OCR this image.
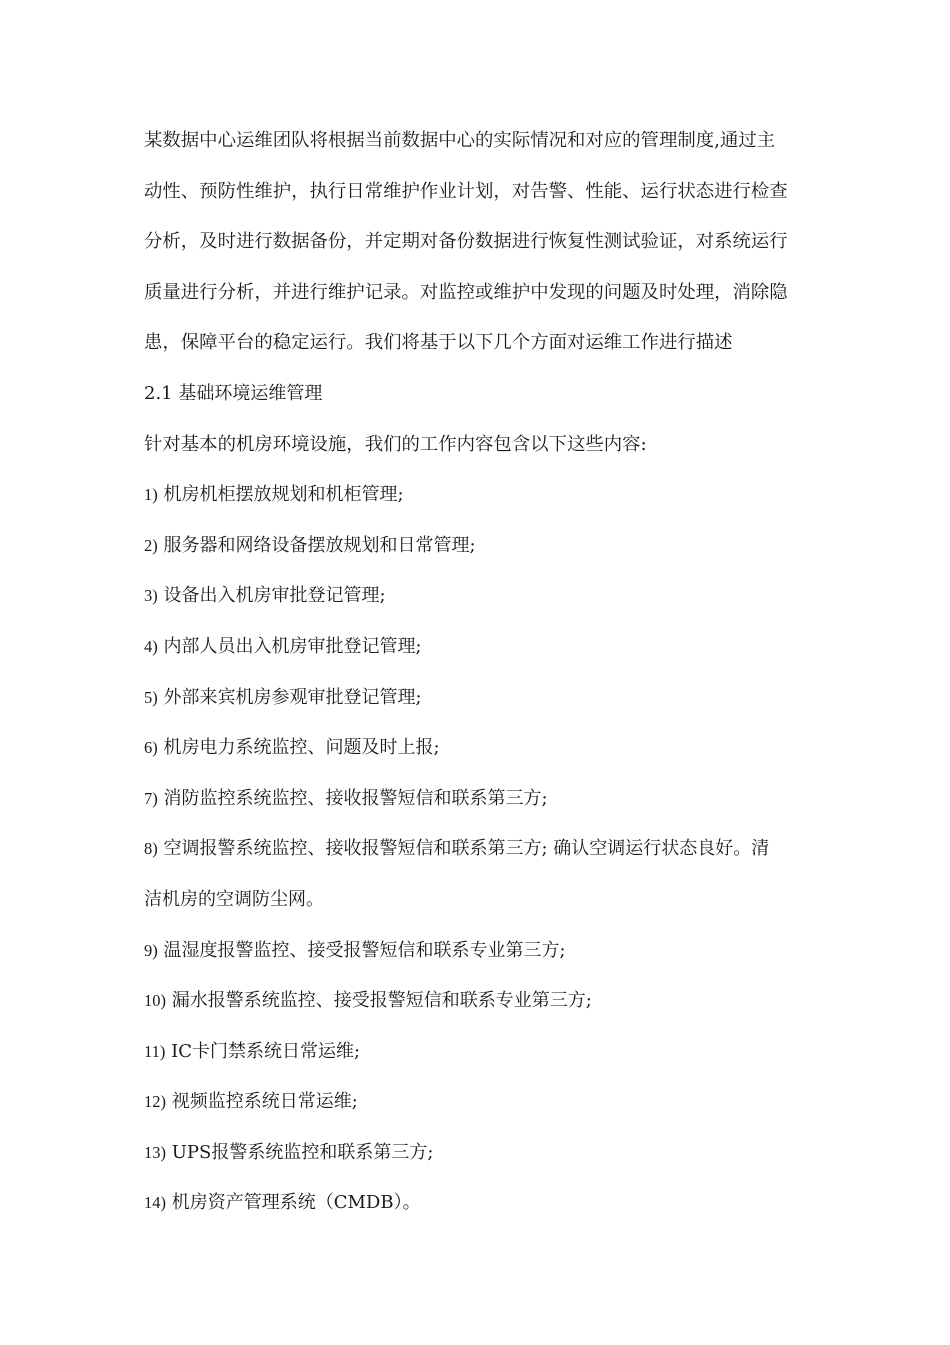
某数据中心运维团队将根据当前数据中心的实际情况和对应的管理制度,通过主
动性、预防性维护，执行日常维护作业计划，对告警、性能、运行状态进行检查
分析，及时进行数据备份，并定期对备份数据进行恢复性测试验证，对系统运行
质量进行分析，并进行维护记录。对监控或维护中发现的问题及时处理，消除隐
患，保障平台的稳定运行。我们将基于以下几个方面对运维工作进行描述
2.1 基础环境运维管理
针对基本的机房环境设施，我们的工作内容包含以下这些内容:
1) 机房机柜摆放规划和机柜管理;
2) 服务器和网络设备摆放规划和日常管理;
3) 设备出入机房审批登记管理;
4) 内部人员出入机房审批登记管理;
5) 外部来宾机房参观审批登记管理;
6) 机房电力系统监控、问题及时上报;
7) 消防监控系统监控、接收报警短信和联系第三方;
8) 空调报警系统监控、接收报警短信和联系第三方; 确认空调运行状态良好。清
洁机房的空调防尘网。
9) 温湿度报警监控、接受报警短信和联系专业第三方;
10) 漏水报警系统监控、接受报警短信和联系专业第三方;
11) IC卡门禁系统日常运维;
12) 视频监控系统日常运维;
13) UPS报警系统监控和联系第三方;
14) 机房资产管理系统（CMDB）。
